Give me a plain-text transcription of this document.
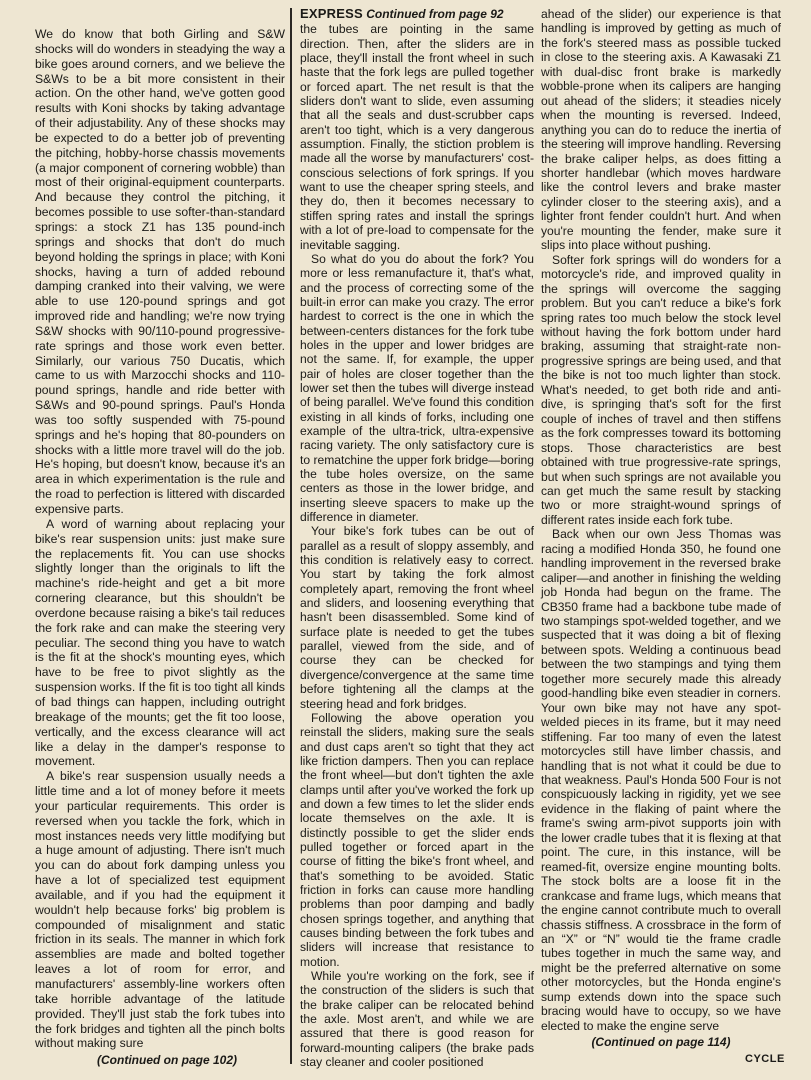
We do know that both Girling and S&W shocks will do wonders in steadying the way a bike goes around corners, and we believe the S&Ws to be a bit more consistent in their action. On the other hand, we've gotten good results with Koni shocks by taking advantage of their adjustability. Any of these shocks may be expected to do a better job of preventing the pitching, hobby-horse chassis movements (a major component of cornering wobble) than most of their original-equipment counterparts. And because they control the pitching, it becomes possible to use softer-than-standard springs: a stock Z1 has 135 pound-inch springs and shocks that don't do much beyond holding the springs in place; with Koni shocks, having a turn of added rebound damping cranked into their valving, we were able to use 120-pound springs and got improved ride and handling; we're now trying S&W shocks with 90/110-pound progressive-rate springs and those work even better. Similarly, our various 750 Ducatis, which came to us with Marzocchi shocks and 110-pound springs, handle and ride better with S&Ws and 90-pound springs. Paul's Honda was too softly suspended with 75-pound springs and he's hoping that 80-pounders on shocks with a little more travel will do the job. He's hoping, but doesn't know, because it's an area in which experimentation is the rule and the road to perfection is littered with discarded expensive parts.

A word of warning about replacing your bike's rear suspension units: just make sure the replacements fit. You can use shocks slightly longer than the originals to lift the machine's ride-height and get a bit more cornering clearance, but this shouldn't be overdone because raising a bike's tail reduces the fork rake and can make the steering very peculiar. The second thing you have to watch is the fit at the shock's mounting eyes, which have to be free to pivot slightly as the suspension works. If the fit is too tight all kinds of bad things can happen, including outright breakage of the mounts; get the fit too loose, vertically, and the excess clearance will act like a delay in the damper's response to movement.

A bike's rear suspension usually needs a little time and a lot of money before it meets your particular requirements. This order is reversed when you tackle the fork, which in most instances needs very little modifying but a huge amount of adjusting. There isn't much you can do about fork damping unless you have a lot of specialized test equipment available, and if you had the equipment it wouldn't help because forks' big problem is compounded of misalignment and static friction in its seals. The manner in which fork assemblies are made and bolted together leaves a lot of room for error, and manufacturers' assembly-line workers often take horrible advantage of the latitude provided. They'll just stab the fork tubes into the fork bridges and tighten all the pinch bolts without making sure

(Continued on page 102)
EXPRESS Continued from page 92

the tubes are pointing in the same direction. Then, after the sliders are in place, they'll install the front wheel in such haste that the fork legs are pulled together or forced apart. The net result is that the sliders don't want to slide, even assuming that all the seals and dust-scrubber caps aren't too tight, which is a very dangerous assumption. Finally, the stiction problem is made all the worse by manufacturers' cost-conscious selections of fork springs. If you want to use the cheaper spring steels, and they do, then it becomes necessary to stiffen spring rates and install the springs with a lot of pre-load to compensate for the inevitable sagging.

So what do you do about the fork? You more or less remanufacture it, that's what, and the process of correcting some of the built-in error can make you crazy. The error hardest to correct is the one in which the between-centers distances for the fork tube holes in the upper and lower bridges are not the same. If, for example, the upper pair of holes are closer together than the lower set then the tubes will diverge instead of being parallel. We've found this condition existing in all kinds of forks, including one example of the ultra-trick, ultra-expensive racing variety. The only satisfactory cure is to rematchine the upper fork bridge—boring the tube holes oversize, on the same centers as those in the lower bridge, and inserting sleeve spacers to make up the difference in diameter.

Your bike's fork tubes can be out of parallel as a result of sloppy assembly, and this condition is relatively easy to correct. You start by taking the fork almost completely apart, removing the front wheel and sliders, and loosening everything that hasn't been disassembled. Some kind of surface plate is needed to get the tubes parallel, viewed from the side, and of course they can be checked for divergence/convergence at the same time before tightening all the clamps at the steering head and fork bridges.

Following the above operation you reinstall the sliders, making sure the seals and dust caps aren't so tight that they act like friction dampers. Then you can replace the front wheel—but don't tighten the axle clamps until after you've worked the fork up and down a few times to let the slider ends locate themselves on the axle. It is distinctly possible to get the slider ends pulled together or forced apart in the course of fitting the bike's front wheel, and that's something to be avoided. Static friction in forks can cause more handling problems than poor damping and badly chosen springs together, and anything that causes binding between the fork tubes and sliders will increase that resistance to motion.

While you're working on the fork, see if the construction of the sliders is such that the brake caliper can be relocated behind the axle. Most aren't, and while we are assured that there is good reason for forward-mounting calipers (the brake pads stay cleaner and cooler positioned

ahead of the slider) our experience is that handling is improved by getting as much of the fork's steered mass as possible tucked in close to the steering axis. A Kawasaki Z1 with dual-disc front brake is markedly wobble-prone when its calipers are hanging out ahead of the sliders; it steadies nicely when the mounting is reversed. Indeed, anything you can do to reduce the inertia of the steering will improve handling. Reversing the brake caliper helps, as does fitting a shorter handlebar (which moves hardware like the control levers and brake master cylinder closer to the steering axis), and a lighter front fender couldn't hurt. And when you're mounting the fender, make sure it slips into place without pushing.

Softer fork springs will do wonders for a motorcycle's ride, and improved quality in the springs will overcome the sagging problem. But you can't reduce a bike's fork spring rates too much below the stock level without having the fork bottom under hard braking, assuming that straight-rate non-progressive springs are being used, and that the bike is not too much lighter than stock. What's needed, to get both ride and anti-dive, is springing that's soft for the first couple of inches of travel and then stiffens as the fork compresses toward its bottoming stops. Those characteristics are best obtained with true progressive-rate springs, but when such springs are not available you can get much the same result by stacking two or more straight-wound springs of different rates inside each fork tube.

Back when our own Jess Thomas was racing a modified Honda 350, he found one handling improvement in the reversed brake caliper—and another in finishing the welding job Honda had begun on the frame. The CB350 frame had a backbone tube made of two stampings spot-welded together, and we suspected that it was doing a bit of flexing between spots. Welding a continuous bead between the two stampings and tying them together more securely made this already good-handling bike even steadier in corners. Your own bike may not have any spot-welded pieces in its frame, but it may need stiffening. Far too many of even the latest motorcycles still have limber chassis, and handling that is not what it could be due to that weakness. Paul's Honda 500 Four is not conspicuously lacking in rigidity, yet we see evidence in the flaking of paint where the frame's swing arm-pivot supports join with the lower cradle tubes that it is flexing at that point. The cure, in this instance, will be reamed-fit, oversize engine mounting bolts. The stock bolts are a loose fit in the crankcase and frame lugs, which means that the engine cannot contribute much to overall chassis stiffness. A crossbrace in the form of an “X” or “N” would tie the frame cradle tubes together in much the same way, and might be the preferred alternative on some other motorcycles, but the Honda engine's sump extends down into the space such bracing would have to occupy, so we have elected to make the engine serve

(Continued on page 114)
CYCLE
